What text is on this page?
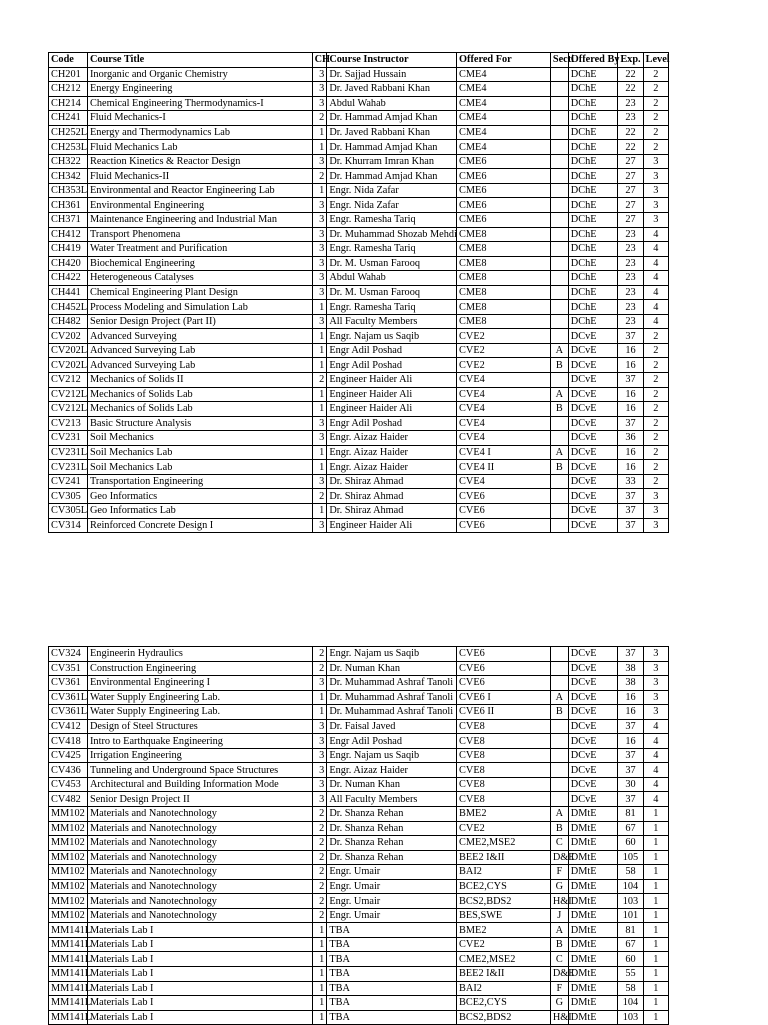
Code	Course Title	CH	Course Instructor	Offered For	Secti	Offered By	Exp.	Level
CH201	Inorganic and Organic Chemistry	3	Dr. Sajjad Hussain	CME4		DChE	22	2
CH212	Energy Engineering	3	Dr. Javed Rabbani Khan	CME4		DChE	22	2
CH214	Chemical Engineering Thermodynamics-I	3	Abdul Wahab	CME4		DChE	23	2
CH241	Fluid Mechanics-I	2	Dr. Hammad Amjad Khan	CME4		DChE	23	2
CH252L	Energy and Thermodynamics Lab	1	Dr. Javed Rabbani Khan	CME4		DChE	22	2
CH253L	Fluid Mechanics Lab	1	Dr. Hammad Amjad Khan	CME4		DChE	22	2
CH322	Reaction Kinetics & Reactor Design	3	Dr. Khurram Imran Khan	CME6		DChE	27	3
CH342	Fluid Mechanics-II	2	Dr. Hammad Amjad Khan	CME6		DChE	27	3
CH353L	Environmental and Reactor Engineering Lab	1	Engr. Nida Zafar	CME6		DChE	27	3
CH361	Environmental Engineering	3	Engr. Nida Zafar	CME6		DChE	27	3
CH371	Maintenance Engineering and Industrial Man	3	Engr. Ramesha Tariq	CME6		DChE	27	3
CH412	Transport Phenomena	3	Dr. Muhammad Shozab Mehdi	CME8		DChE	23	4
CH419	Water Treatment and Purification	3	Engr. Ramesha Tariq	CME8		DChE	23	4
CH420	Biochemical Engineering	3	Dr. M. Usman Farooq	CME8		DChE	23	4
CH422	Heterogeneous Catalyses	3	Abdul Wahab	CME8		DChE	23	4
CH441	Chemical Engineering Plant Design	3	Dr. M. Usman Farooq	CME8		DChE	23	4
CH452L	Process Modeling and Simulation Lab	1	Engr. Ramesha Tariq	CME8		DChE	23	4
CH482	Senior Design Project (Part II)	3	All Faculty Members	CME8		DChE	23	4
CV202	Advanced Surveying	1	Engr. Najam us Saqib	CVE2		DCvE	37	2
CV202L	Advanced Surveying Lab	1	Engr Adil Poshad	CVE2	A	DCvE	16	2
CV202L	Advanced Surveying Lab	1	Engr Adil Poshad	CVE2	B	DCvE	16	2
CV212	Mechanics of Solids II	2	Engineer Haider Ali	CVE4		DCvE	37	2
CV212L	Mechanics of Solids Lab	1	Engineer Haider Ali	CVE4	A	DCvE	16	2
CV212L	Mechanics of Solids Lab	1	Engineer Haider Ali	CVE4	B	DCvE	16	2
CV213	Basic Structure Analysis	3	Engr Adil Poshad	CVE4		DCvE	37	2
CV231	Soil Mechanics	3	Engr. Aizaz Haider	CVE4		DCvE	36	2
CV231L	Soil Mechanics Lab	1	Engr. Aizaz Haider	CVE4 I	A	DCvE	16	2
CV231L	Soil Mechanics Lab	1	Engr. Aizaz Haider	CVE4 II	B	DCvE	16	2
CV241	Transportation Engineering	3	Dr. Shiraz Ahmad	CVE4		DCvE	33	2
CV305	Geo Informatics	2	Dr. Shiraz Ahmad	CVE6		DCvE	37	3
CV305L	Geo Informatics Lab	1	Dr. Shiraz Ahmad	CVE6		DCvE	37	3
CV314	Reinforced Concrete Design I	3	Engineer Haider Ali	CVE6		DCvE	37	3
CV324	Engineerin Hydraulics	2	Engr. Najam us Saqib	CVE6		DCvE	37	3
CV351	Construction Engineering	2	Dr. Numan Khan	CVE6		DCvE	38	3
CV361	Environmental Engineering I	3	Dr. Muhammad Ashraf Tanoli	CVE6		DCvE	38	3
CV361L	Water Supply Engineering Lab.	1	Dr. Muhammad Ashraf Tanoli	CVE6 I	A	DCvE	16	3
CV361L	Water Supply Engineering Lab.	1	Dr. Muhammad Ashraf Tanoli	CVE6 II	B	DCvE	16	3
CV412	Design of Steel Structures	3	Dr. Faisal Javed	CVE8		DCvE	37	4
CV418	Intro to Earthquake Engineering	3	Engr Adil Poshad	CVE8		DCvE	16	4
CV425	Irrigation Engineering	3	Engr. Najam us Saqib	CVE8		DCvE	37	4
CV436	Tunneling and Underground Space Structures	3	Engr. Aizaz Haider	CVE8		DCvE	37	4
CV453	Architectural and Building Information Mode	3	Dr. Numan Khan	CVE8		DCvE	30	4
CV482	Senior Design Project II	3	All Faculty Members	CVE8		DCvE	37	4
MM102	Materials and Nanotechnology	2	Dr. Shanza Rehan	BME2	A	DMtE	81	1
MM102	Materials and Nanotechnology	2	Dr. Shanza Rehan	CVE2	B	DMtE	67	1
MM102	Materials and Nanotechnology	2	Dr. Shanza Rehan	CME2,MSE2	C	DMtE	60	1
MM102	Materials and Nanotechnology	2	Dr. Shanza Rehan	BEE2 I&II	D&E	DMtE	105	1
MM102	Materials and Nanotechnology	2	Engr. Umair	BAI2	F	DMtE	58	1
MM102	Materials and Nanotechnology	2	Engr. Umair	BCE2,CYS	G	DMtE	104	1
MM102	Materials and Nanotechnology	2	Engr. Umair	BCS2,BDS2	H&I	DMtE	103	1
MM102	Materials and Nanotechnology	2	Engr. Umair	BES,SWE	J	DMtE	101	1
MM141L	Materials Lab I	1	TBA	BME2	A	DMtE	81	1
MM141L	Materials Lab I	1	TBA	CVE2	B	DMtE	67	1
MM141L	Materials Lab I	1	TBA	CME2,MSE2	C	DMtE	60	1
MM141L	Materials Lab I	1	TBA	BEE2 I&II	D&E	DMtE	55	1
MM141L	Materials Lab I	1	TBA	BAI2	F	DMtE	58	1
MM141L	Materials Lab I	1	TBA	BCE2,CYS	G	DMtE	104	1
MM141L	Materials Lab I	1	TBA	BCS2,BDS2	H&I	DMtE	103	1
